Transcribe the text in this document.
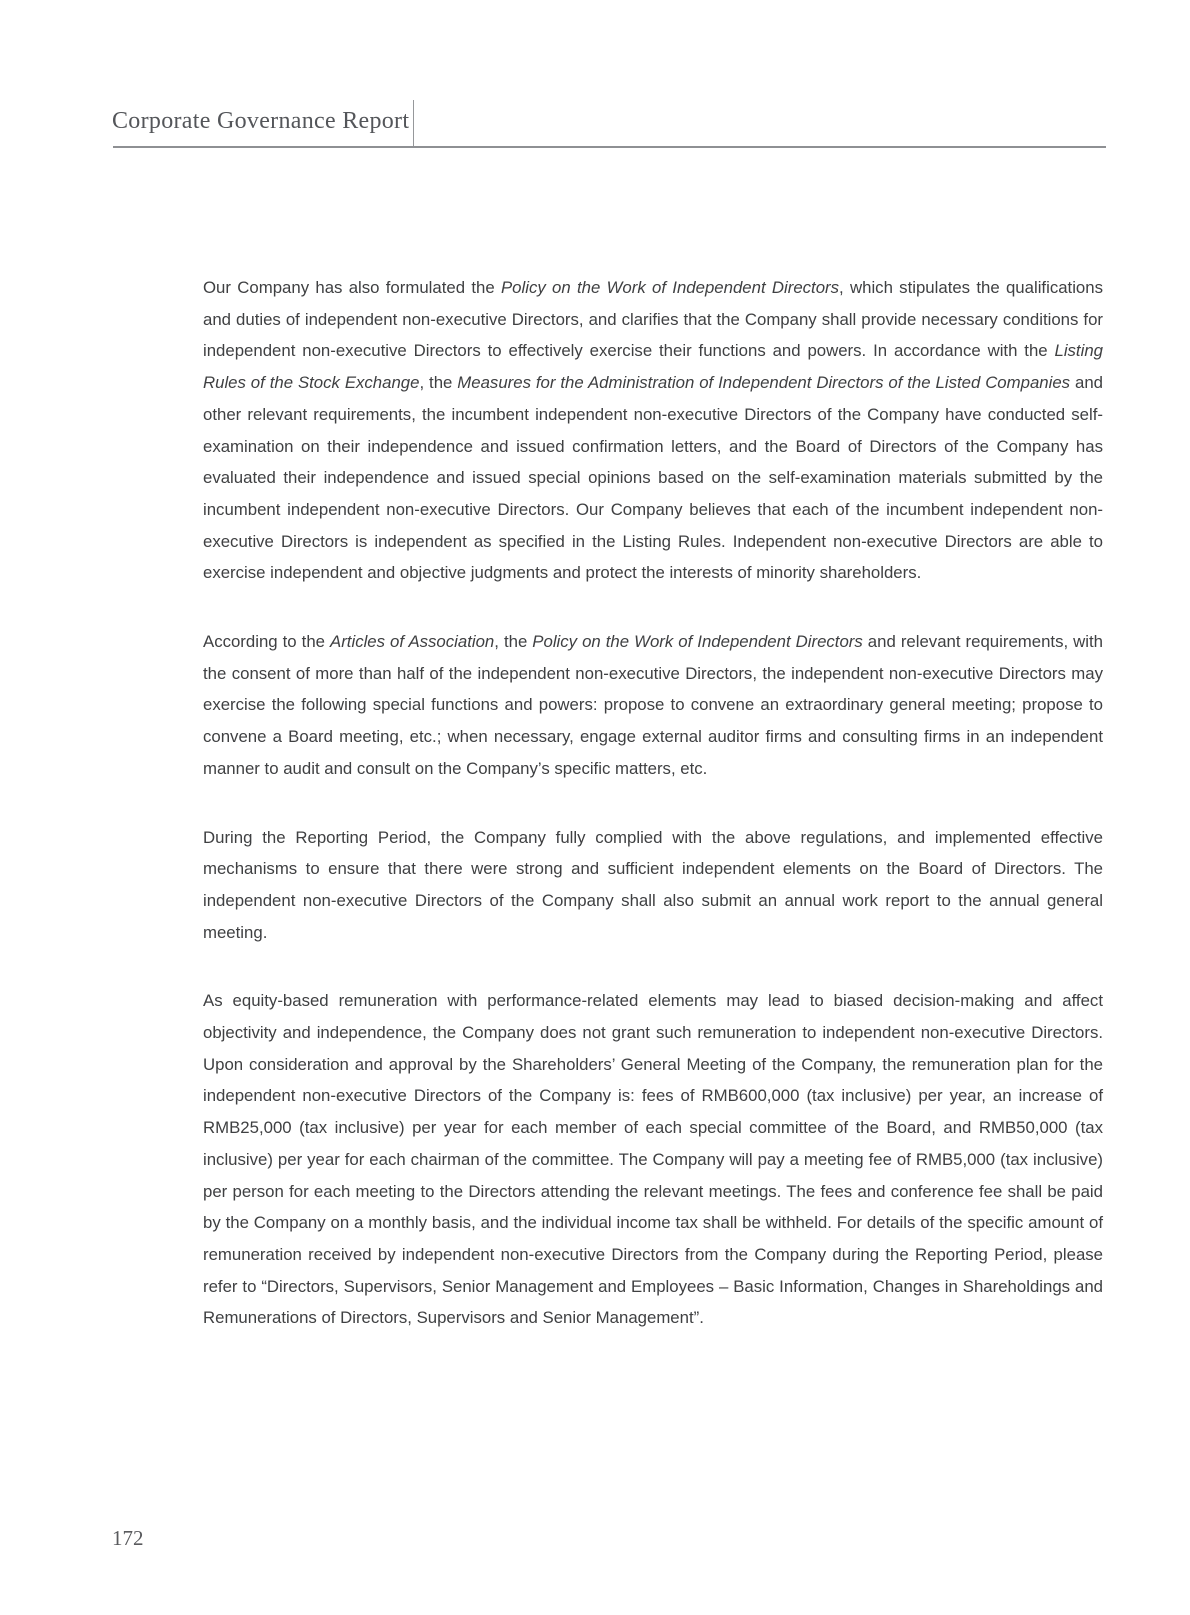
Corporate Governance Report

Our Company has also formulated the Policy on the Work of Independent Directors, which stipulates the qualifications and duties of independent non-executive Directors, and clarifies that the Company shall provide necessary conditions for independent non-executive Directors to effectively exercise their functions and powers. In accordance with the Listing Rules of the Stock Exchange, the Measures for the Administration of Independent Directors of the Listed Companies and other relevant requirements, the incumbent independent non-executive Directors of the Company have conducted self-examination on their independence and issued confirmation letters, and the Board of Directors of the Company has evaluated their independence and issued special opinions based on the self-examination materials submitted by the incumbent independent non-executive Directors. Our Company believes that each of the incumbent independent non-executive Directors is independent as specified in the Listing Rules. Independent non-executive Directors are able to exercise independent and objective judgments and protect the interests of minority shareholders.

According to the Articles of Association, the Policy on the Work of Independent Directors and relevant requirements, with the consent of more than half of the independent non-executive Directors, the independent non-executive Directors may exercise the following special functions and powers: propose to convene an extraordinary general meeting; propose to convene a Board meeting, etc.; when necessary, engage external auditor firms and consulting firms in an independent manner to audit and consult on the Company’s specific matters, etc.

During the Reporting Period, the Company fully complied with the above regulations, and implemented effective mechanisms to ensure that there were strong and sufficient independent elements on the Board of Directors. The independent non-executive Directors of the Company shall also submit an annual work report to the annual general meeting.

As equity-based remuneration with performance-related elements may lead to biased decision-making and affect objectivity and independence, the Company does not grant such remuneration to independent non-executive Directors. Upon consideration and approval by the Shareholders’ General Meeting of the Company, the remuneration plan for the independent non-executive Directors of the Company is: fees of RMB600,000 (tax inclusive) per year, an increase of RMB25,000 (tax inclusive) per year for each member of each special committee of the Board, and RMB50,000 (tax inclusive) per year for each chairman of the committee. The Company will pay a meeting fee of RMB5,000 (tax inclusive) per person for each meeting to the Directors attending the relevant meetings. The fees and conference fee shall be paid by the Company on a monthly basis, and the individual income tax shall be withheld. For details of the specific amount of remuneration received by independent non-executive Directors from the Company during the Reporting Period, please refer to “Directors, Supervisors, Senior Management and Employees – Basic Information, Changes in Shareholdings and Remunerations of Directors, Supervisors and Senior Management”.

172
